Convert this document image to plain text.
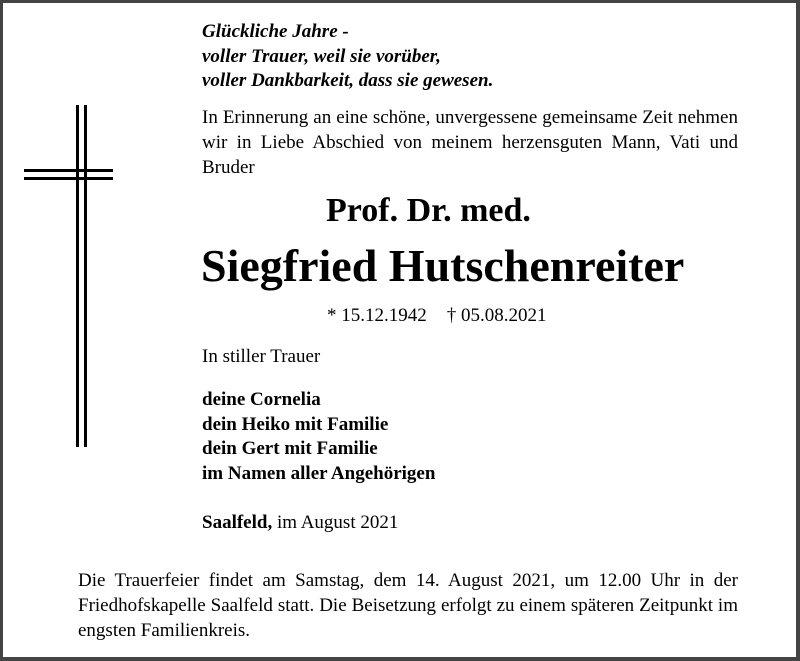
Glückliche Jahre -
voller Trauer, weil sie vorüber,
voller Dankbarkeit, dass sie gewesen.
In Erinnerung an eine schöne, unvergessene gemeinsame Zeit nehmen wir in Liebe Abschied von meinem herzensguten Mann, Vati und Bruder
Prof. Dr. med.
Siegfried Hutschenreiter
* 15.12.1942 † 05.08.2021
In stiller Trauer
deine Cornelia
dein Heiko mit Familie
dein Gert mit Familie
im Namen aller Angehörigen
Saalfeld, im August 2021
Die Trauerfeier findet am Samstag, dem 14. August 2021, um 12.00 Uhr in der Friedhofskapelle Saalfeld statt. Die Beisetzung erfolgt zu einem späteren Zeitpunkt im engsten Familienkreis.
